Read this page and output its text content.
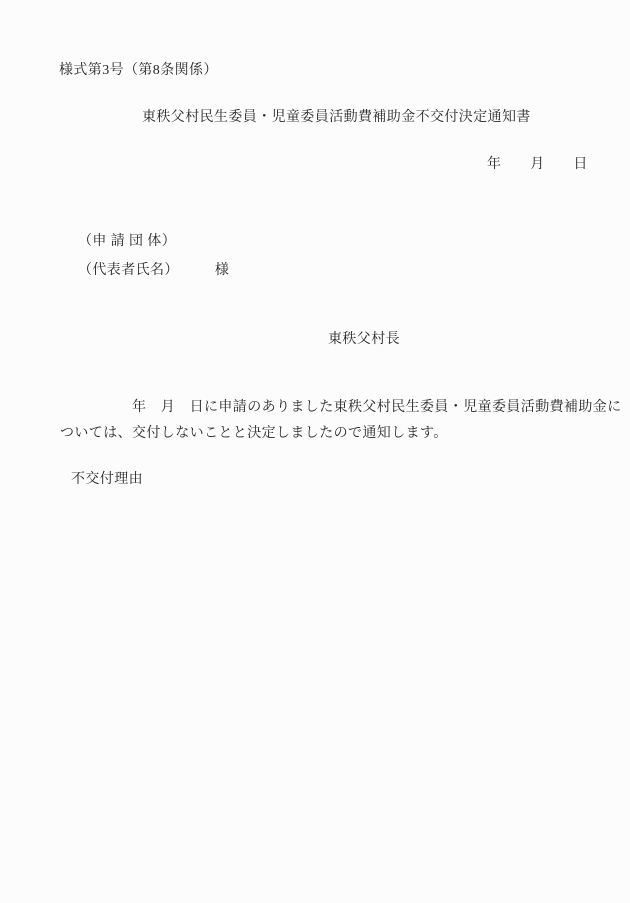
様式第3号（第8条関係）
東秩父村民生委員・児童委員活動費補助金不交付決定通知書
年　　月　　日
（申 請 団 体）
（代表者氏名）	様
東秩父村長
　　　　　年　月　日に申請のありました東秩父村民生委員・児童委員活動費補助金に
ついては、交付しないことと決定しましたので通知します。
不交付理由
